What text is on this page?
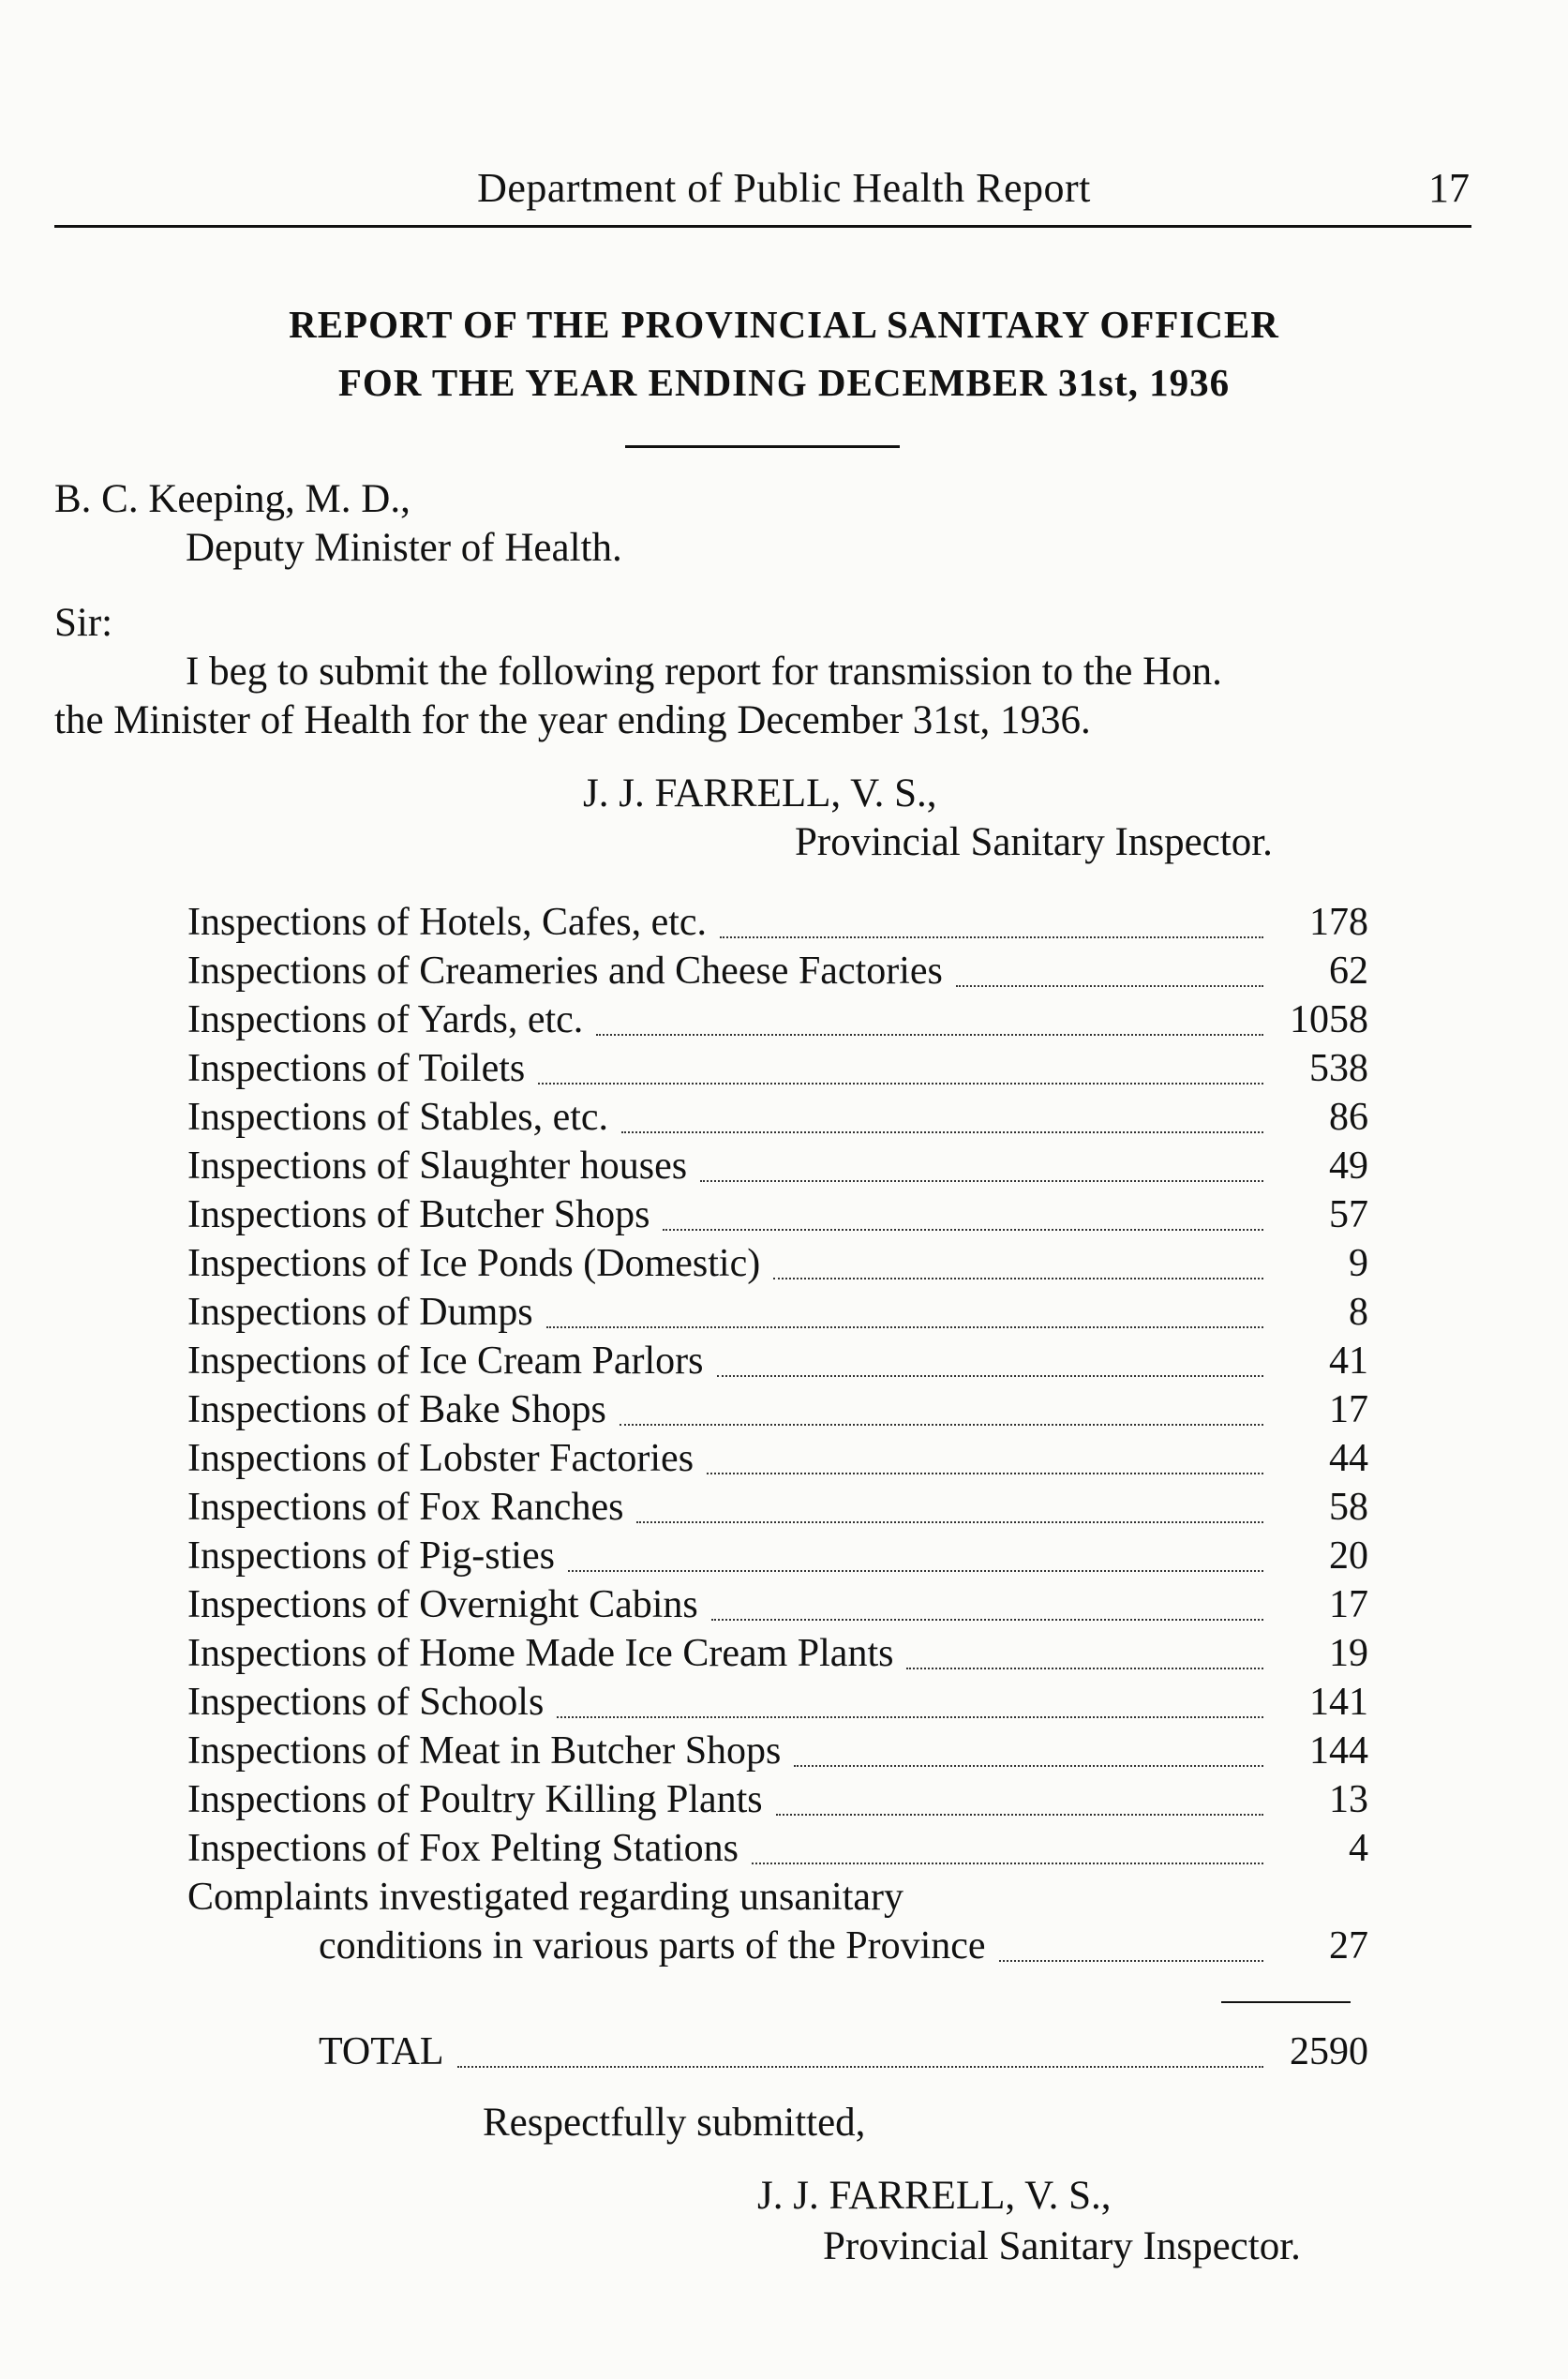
Department of Public Health Report	17
REPORT OF THE PROVINCIAL SANITARY OFFICER
FOR THE YEAR ENDING DECEMBER 31st, 1936
B. C. Keeping, M. D.,
Deputy Minister of Health.
Sir:
I beg to submit the following report for transmission to the Hon.
the Minister of Health for the year ending December 31st, 1936.
J. J. FARRELL, V. S.,
Provincial Sanitary Inspector.
Inspections of Hotels, Cafes, etc.	178
Inspections of Creameries and Cheese Factories	62
Inspections of Yards, etc.	1058
Inspections of Toilets	538
Inspections of Stables, etc.	86
Inspections of Slaughter houses	49
Inspections of Butcher Shops	57
Inspections of Ice Ponds (Domestic)	9
Inspections of Dumps	8
Inspections of Ice Cream Parlors	41
Inspections of Bake Shops	17
Inspections of Lobster Factories	44
Inspections of Fox Ranches	58
Inspections of Pig-sties	20
Inspections of Overnight Cabins	17
Inspections of Home Made Ice Cream Plants	19
Inspections of Schools	141
Inspections of Meat in Butcher Shops	144
Inspections of Poultry Killing Plants	13
Inspections of Fox Pelting Stations	4
Complaints investigated regarding unsanitary
conditions in various parts of the Province	27
TOTAL	2590
Respectfully submitted,
J. J. FARRELL, V. S.,
Provincial Sanitary Inspector.
